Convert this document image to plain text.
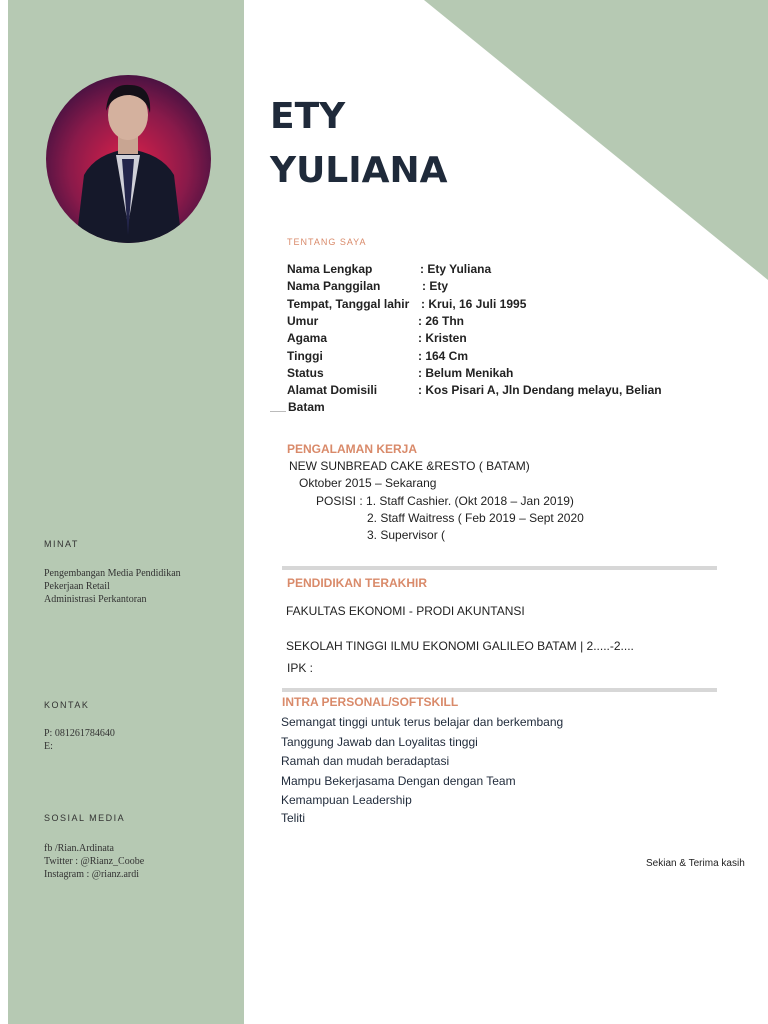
MINAT
Pengembangan Media Pendidikan
Pekerjaan Retail
Administrasi Perkantoran
KONTAK
P: 081261784640
E:
SOSIAL MEDIA
fb /Rian.Ardinata
Twitter : @Rianz_Coobe
Instagram : @rianz.ardi
ETY
YULIANA
TENTANG SAYA
Nama Lengkap	: Ety Yuliana
Nama Panggilan	: Ety
Tempat, Tanggal lahir : Krui, 16 Juli 1995
Umur	: 26 Thn
Agama	: Kristen
Tinggi	: 164 Cm
Status	: Belum Menikah
Alamat Domisili	: Kos Pisari A, Jln Dendang melayu, Belian
Batam
PENGALAMAN KERJA
NEW SUNBREAD CAKE &RESTO ( BATAM)
Oktober 2015 – Sekarang
POSISI : 1. Staff Cashier. (Okt 2018 – Jan 2019)
2. Staff Waitress ( Feb 2019 – Sept 2020
3. Supervisor (
PENDIDIKAN TERAKHIR
FAKULTAS EKONOMI - PRODI AKUNTANSI
SEKOLAH TINGGI ILMU EKONOMI GALILEO BATAM | 2.....-2....
IPK :
INTRA PERSONAL/SOFTSKILL
Semangat tinggi untuk terus belajar dan berkembang
Tanggung Jawab dan Loyalitas tinggi
Ramah dan mudah beradaptasi
Mampu Bekerjasama Dengan dengan Team
Kemampuan Leadership
Teliti
Sekian & Terima kasih
